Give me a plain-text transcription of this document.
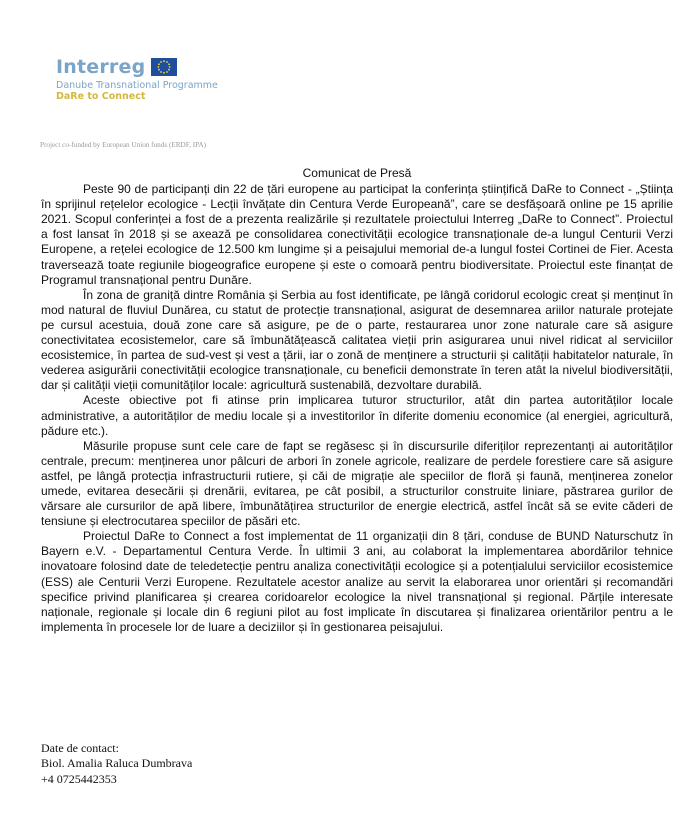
Interreg
Danube Transnational Programme
DaRe to Connect
Project co-funded by European Union funds (ERDF, IPA)
Comunicat de Presă

Peste 90 de participanți din 22 de țări europene au participat la conferința științifică DaRe to Connect - „Știința în sprijinul rețelelor ecologice - Lecții învățate din Centura Verde Europeană”, care se desfășoară online pe 15 aprilie 2021. Scopul conferinței a fost de a prezenta realizările și rezultatele proiectului Interreg „DaRe to Connect”. Proiectul a fost lansat în 2018 și se axează pe consolidarea conectivității ecologice transnaționale de-a lungul Centurii Verzi Europene, a rețelei ecologice de 12.500 km lungime și a peisajului memorial de-a lungul fostei Cortinei de Fier. Acesta traversează toate regiunile biogeografice europene și este o comoară pentru biodiversitate. Proiectul este finanțat de Programul transnațional pentru Dunăre.

În zona de graniță dintre România și Serbia au fost identificate, pe lângă coridorul ecologic creat și menținut în mod natural de fluviul Dunărea, cu statut de protecție transnațional, asigurat de desemnarea ariilor naturale protejate pe cursul acestuia, două zone care să asigure, pe de o parte, restaurarea unor zone naturale care să asigure conectivitatea ecosistemelor, care să îmbunătățească calitatea vieții prin asigurarea unui nivel ridicat al serviciilor ecosistemice, în partea de sud-vest și vest a țării, iar o zonă de menținere a structurii și calității habitatelor naturale, în vederea asigurării conectivității ecologice transnaționale, cu beneficii demonstrate în teren atât la nivelul biodiversității, dar și calității vieții comunităților locale: agricultură sustenabilă, dezvoltare durabilă.

Aceste obiective pot fi atinse prin implicarea tuturor structurilor, atât din partea autorităților locale administrative, a autorităților de mediu locale și a investitorilor în diferite domeniu economice (al energiei, agricultură, pădure etc.).

Măsurile propuse sunt cele care de fapt se regăsesc și în discursurile diferiților reprezentanți ai autorităților centrale, precum: menținerea unor pâlcuri de arbori în zonele agricole, realizare de perdele forestiere care să asigure astfel, pe lângă protecția infrastructurii rutiere, și căi de migrație ale speciilor de floră și faună, menținerea zonelor umede, evitarea desecării și drenării, evitarea, pe cât posibil, a structurilor construite liniare, păstrarea gurilor de vărsare ale cursurilor de apă libere, îmbunătățirea structurilor de energie electrică, astfel încât să se evite căderi de tensiune și electrocutarea speciilor de păsări etc.

Proiectul DaRe to Connect a fost implementat de 11 organizații din 8 țări, conduse de BUND Naturschutz în Bayern e.V. - Departamentul Centura Verde. În ultimii 3 ani, au colaborat la implementarea abordărilor tehnice inovatoare folosind date de teledetecție pentru analiza conectivității ecologice și a potențialului serviciilor ecosistemice (ESS) ale Centurii Verzi Europene. Rezultatele acestor analize au servit la elaborarea unor orientări și recomandări specifice privind planificarea și crearea coridoarelor ecologice la nivel transnațional și regional. Părțile interesate naționale, regionale și locale din 6 regiuni pilot au fost implicate în discutarea și finalizarea orientărilor pentru a le implementa în procesele lor de luare a deciziilor și în gestionarea peisajului.

Date de contact:
Biol. Amalia Raluca Dumbrava
+4 0725442353
